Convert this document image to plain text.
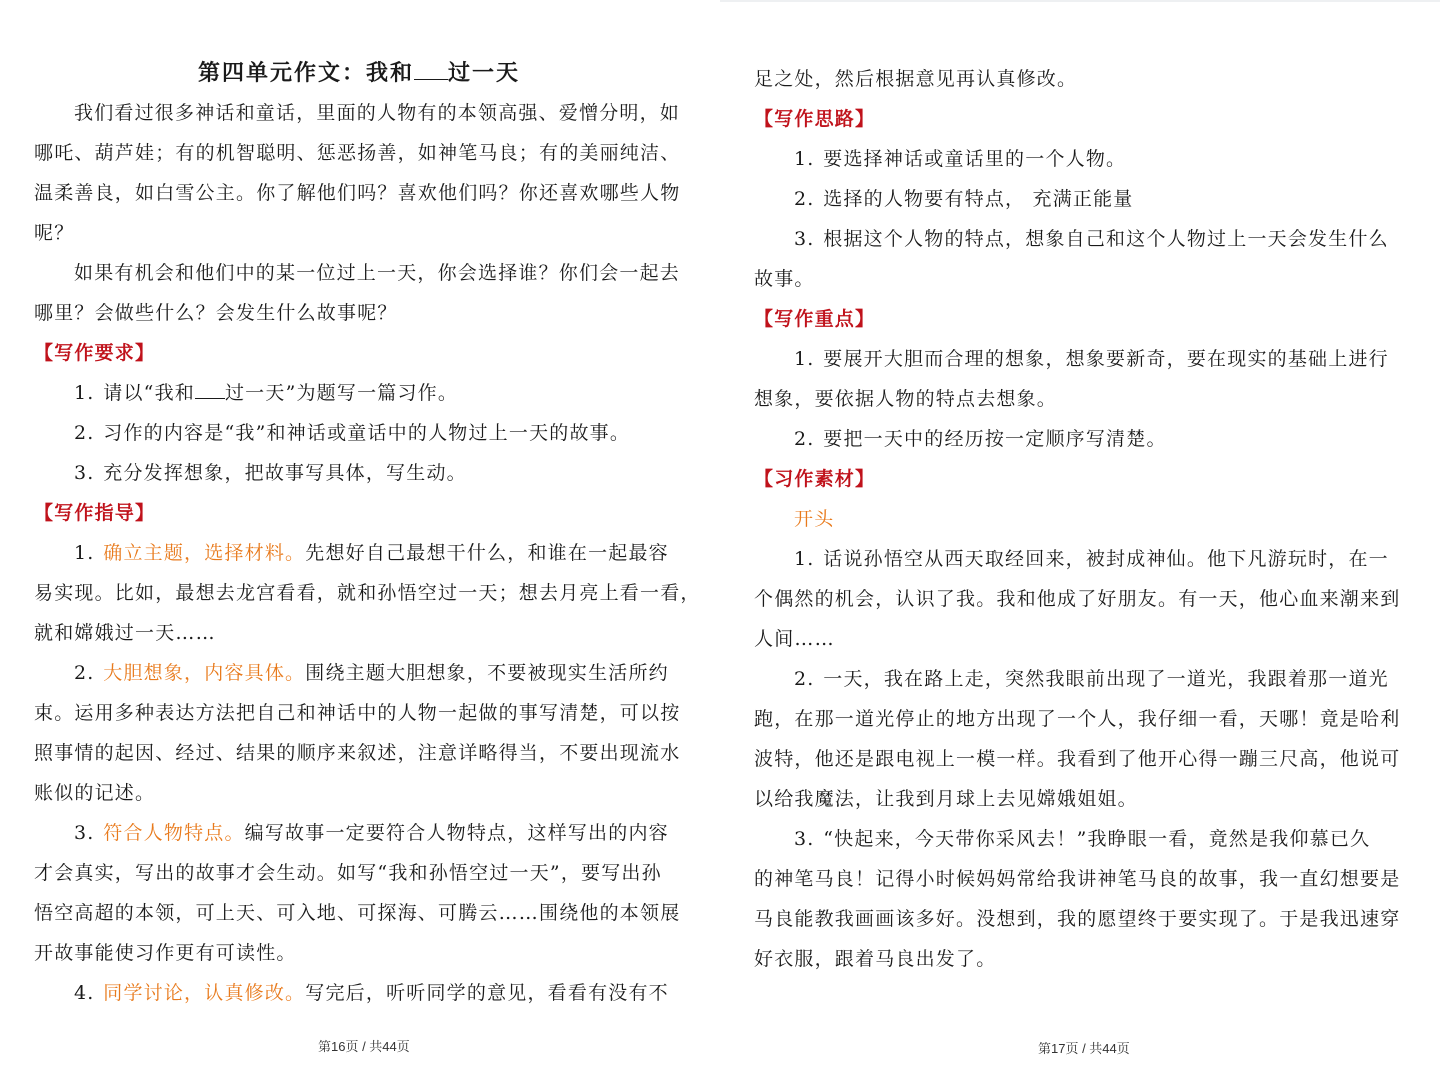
第四单元作文：我和 过一天
我们看过很多神话和童话，里面的人物有的本领高强、爱憎分明，如
哪吒、葫芦娃；有的机智聪明、惩恶扬善，如神笔马良；有的美丽纯洁、
温柔善良，如白雪公主。你了解他们吗？喜欢他们吗？你还喜欢哪些人物
呢？
如果有机会和他们中的某一位过上一天，你会选择谁？你们会一起去
哪里？会做些什么？会发生什么故事呢？
【写作要求】
1. 请以“我和 过一天”为题写一篇习作。
2. 习作的内容是“我”和神话或童话中的人物过上一天的故事。
3. 充分发挥想象，把故事写具体，写生动。
【写作指导】
1. 确立主题，选择材料。先想好自己最想干什么，和谁在一起最容
易实现。比如，最想去龙宫看看，就和孙悟空过一天；想去月亮上看一看，
就和嫦娥过一天……
2. 大胆想象，内容具体。围绕主题大胆想象，不要被现实生活所约
束。运用多种表达方法把自己和神话中的人物一起做的事写清楚，可以按
照事情的起因、经过、结果的顺序来叙述，注意详略得当，不要出现流水
账似的记述。
3. 符合人物特点。编写故事一定要符合人物特点，这样写出的内容
才会真实，写出的故事才会生动。如写“我和孙悟空过一天”，要写出孙
悟空高超的本领，可上天、可入地、可探海、可腾云……围绕他的本领展
开故事能使习作更有可读性。
4. 同学讨论，认真修改。写完后，听听同学的意见，看看有没有不
第16页 / 共44页
足之处，然后根据意见再认真修改。
【写作思路】
1. 要选择神话或童话里的一个人物。
2. 选择的人物要有特点， 充满正能量
3. 根据这个人物的特点，想象自己和这个人物过上一天会发生什么
故事。
【写作重点】
1. 要展开大胆而合理的想象，想象要新奇，要在现实的基础上进行
想象，要依据人物的特点去想象。
2. 要把一天中的经历按一定顺序写清楚。
【习作素材】
开头
1. 话说孙悟空从西天取经回来，被封成神仙。他下凡游玩时，在一
个偶然的机会，认识了我。我和他成了好朋友。有一天，他心血来潮来到
人间……
2. 一天，我在路上走，突然我眼前出现了一道光，我跟着那一道光
跑，在那一道光停止的地方出现了一个人，我仔细一看，天哪！竟是哈利
波特，他还是跟电视上一模一样。我看到了他开心得一蹦三尺高，他说可
以给我魔法，让我到月球上去见嫦娥姐姐。
3. “快起来，今天带你采风去！”我睁眼一看，竟然是我仰慕已久
的神笔马良！记得小时候妈妈常给我讲神笔马良的故事，我一直幻想要是
马良能教我画画该多好。没想到，我的愿望终于要实现了。于是我迅速穿
好衣服，跟着马良出发了。
第17页 / 共44页
